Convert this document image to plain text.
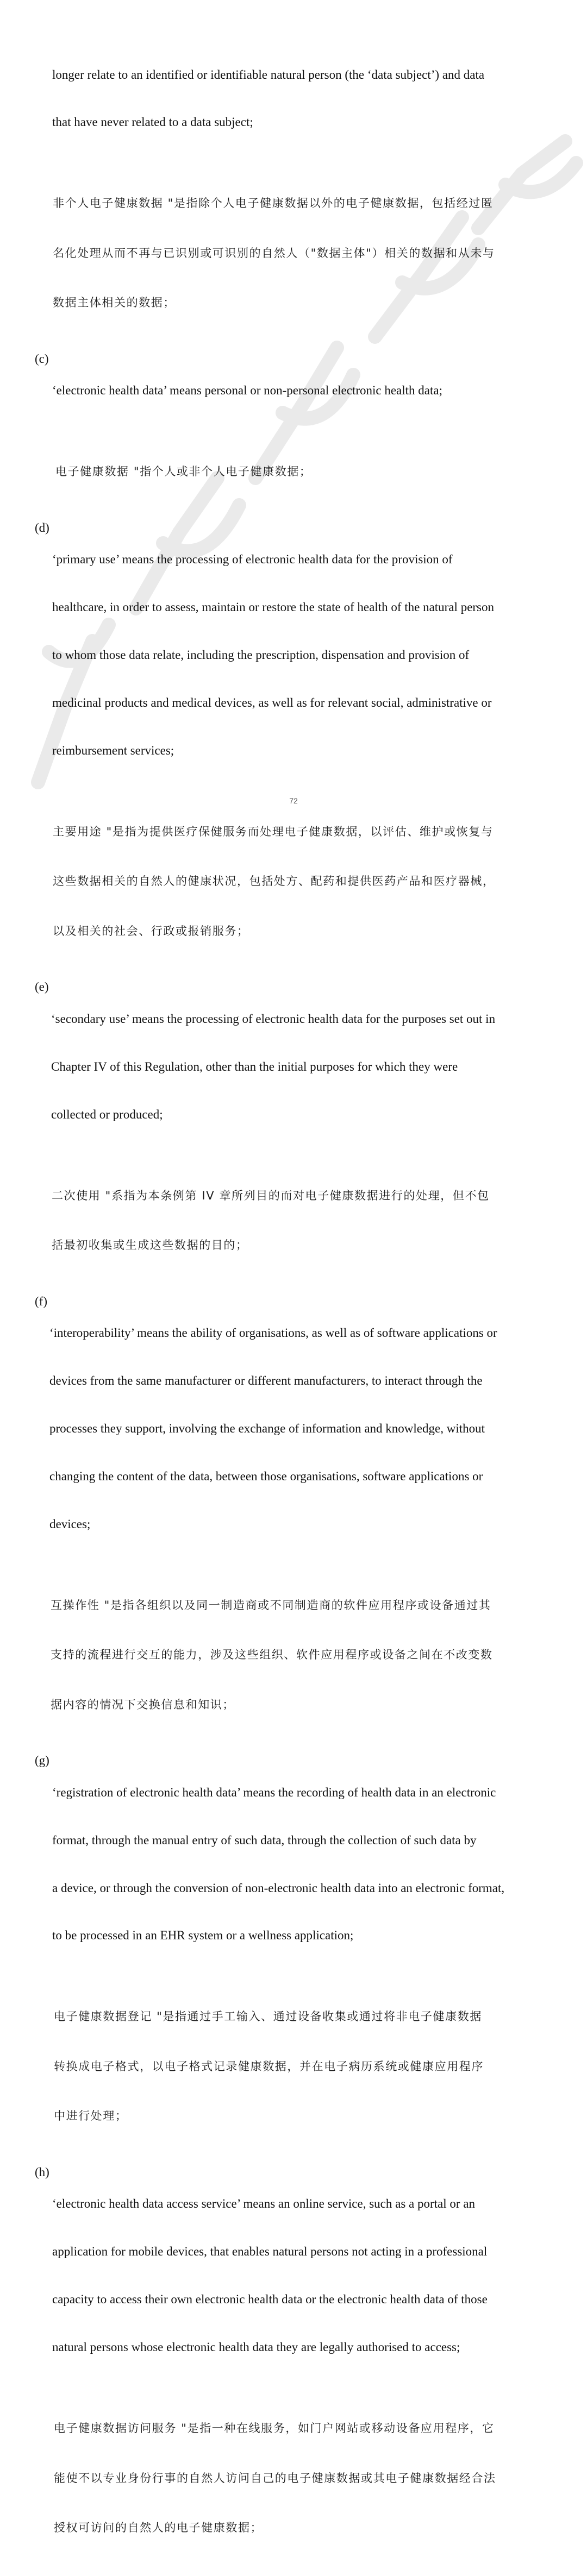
longer relate to an identified or identifiable natural person (the ‘data subject’) and data

that have never related to a data subject;

非个人电子健康数据 "是指除个人电子健康数据以外的电子健康数据，包括经过匿

名化处理从而不再与已识别或可识别的自然人（"数据主体"）相关的数据和从未与

数据主体相关的数据；

(c)

‘electronic health data’ means personal or non-personal electronic health data;

电子健康数据 "指个人或非个人电子健康数据；

(d)

‘primary use’ means the processing of electronic health data for the provision of

healthcare, in order to assess, maintain or restore the state of health of the natural person

to whom those data relate, including the prescription, dispensation and provision of

medicinal products and medical devices, as well as for relevant social, administrative or

reimbursement services;

主要用途 "是指为提供医疗保健服务而处理电子健康数据，以评估、维护或恢复与

这些数据相关的自然人的健康状况，包括处方、配药和提供医药产品和医疗器械，

以及相关的社会、行政或报销服务；

(e)

‘secondary use’ means the processing of electronic health data for the purposes set out in

Chapter IV of this Regulation, other than the initial purposes for which they were

collected or produced;

二次使用 "系指为本条例第 IV 章所列目的而对电子健康数据进行的处理，但不包

括最初收集或生成这些数据的目的；

(f)

‘interoperability’ means the ability of organisations, as well as of software applications or

devices from the same manufacturer or different manufacturers, to interact through the

processes they support, involving the exchange of information and knowledge, without

changing the content of the data, between those organisations, software applications or

devices;

互操作性 "是指各组织以及同一制造商或不同制造商的软件应用程序或设备通过其

支持的流程进行交互的能力，涉及这些组织、软件应用程序或设备之间在不改变数

据内容的情况下交换信息和知识；

(g)

‘registration of electronic health data’ means the recording of health data in an electronic

format, through the manual entry of such data, through the collection of such data by

a device, or through the conversion of non-electronic health data into an electronic format,

to be processed in an EHR system or a wellness application;

电子健康数据登记 "是指通过手工输入、通过设备收集或通过将非电子健康数据

转换成电子格式，以电子格式记录健康数据，并在电子病历系统或健康应用程序

中进行处理；

(h)

‘electronic health data access service’ means an online service, such as a portal or an

application for mobile devices, that enables natural persons not acting in a professional

capacity to access their own electronic health data or the electronic health data of those

natural persons whose electronic health data they are legally authorised to access;

电子健康数据访问服务 "是指一种在线服务，如门户网站或移动设备应用程序，它

能使不以专业身份行事的自然人访问自己的电子健康数据或其电子健康数据经合法

授权可访问的自然人的电子健康数据；

72
